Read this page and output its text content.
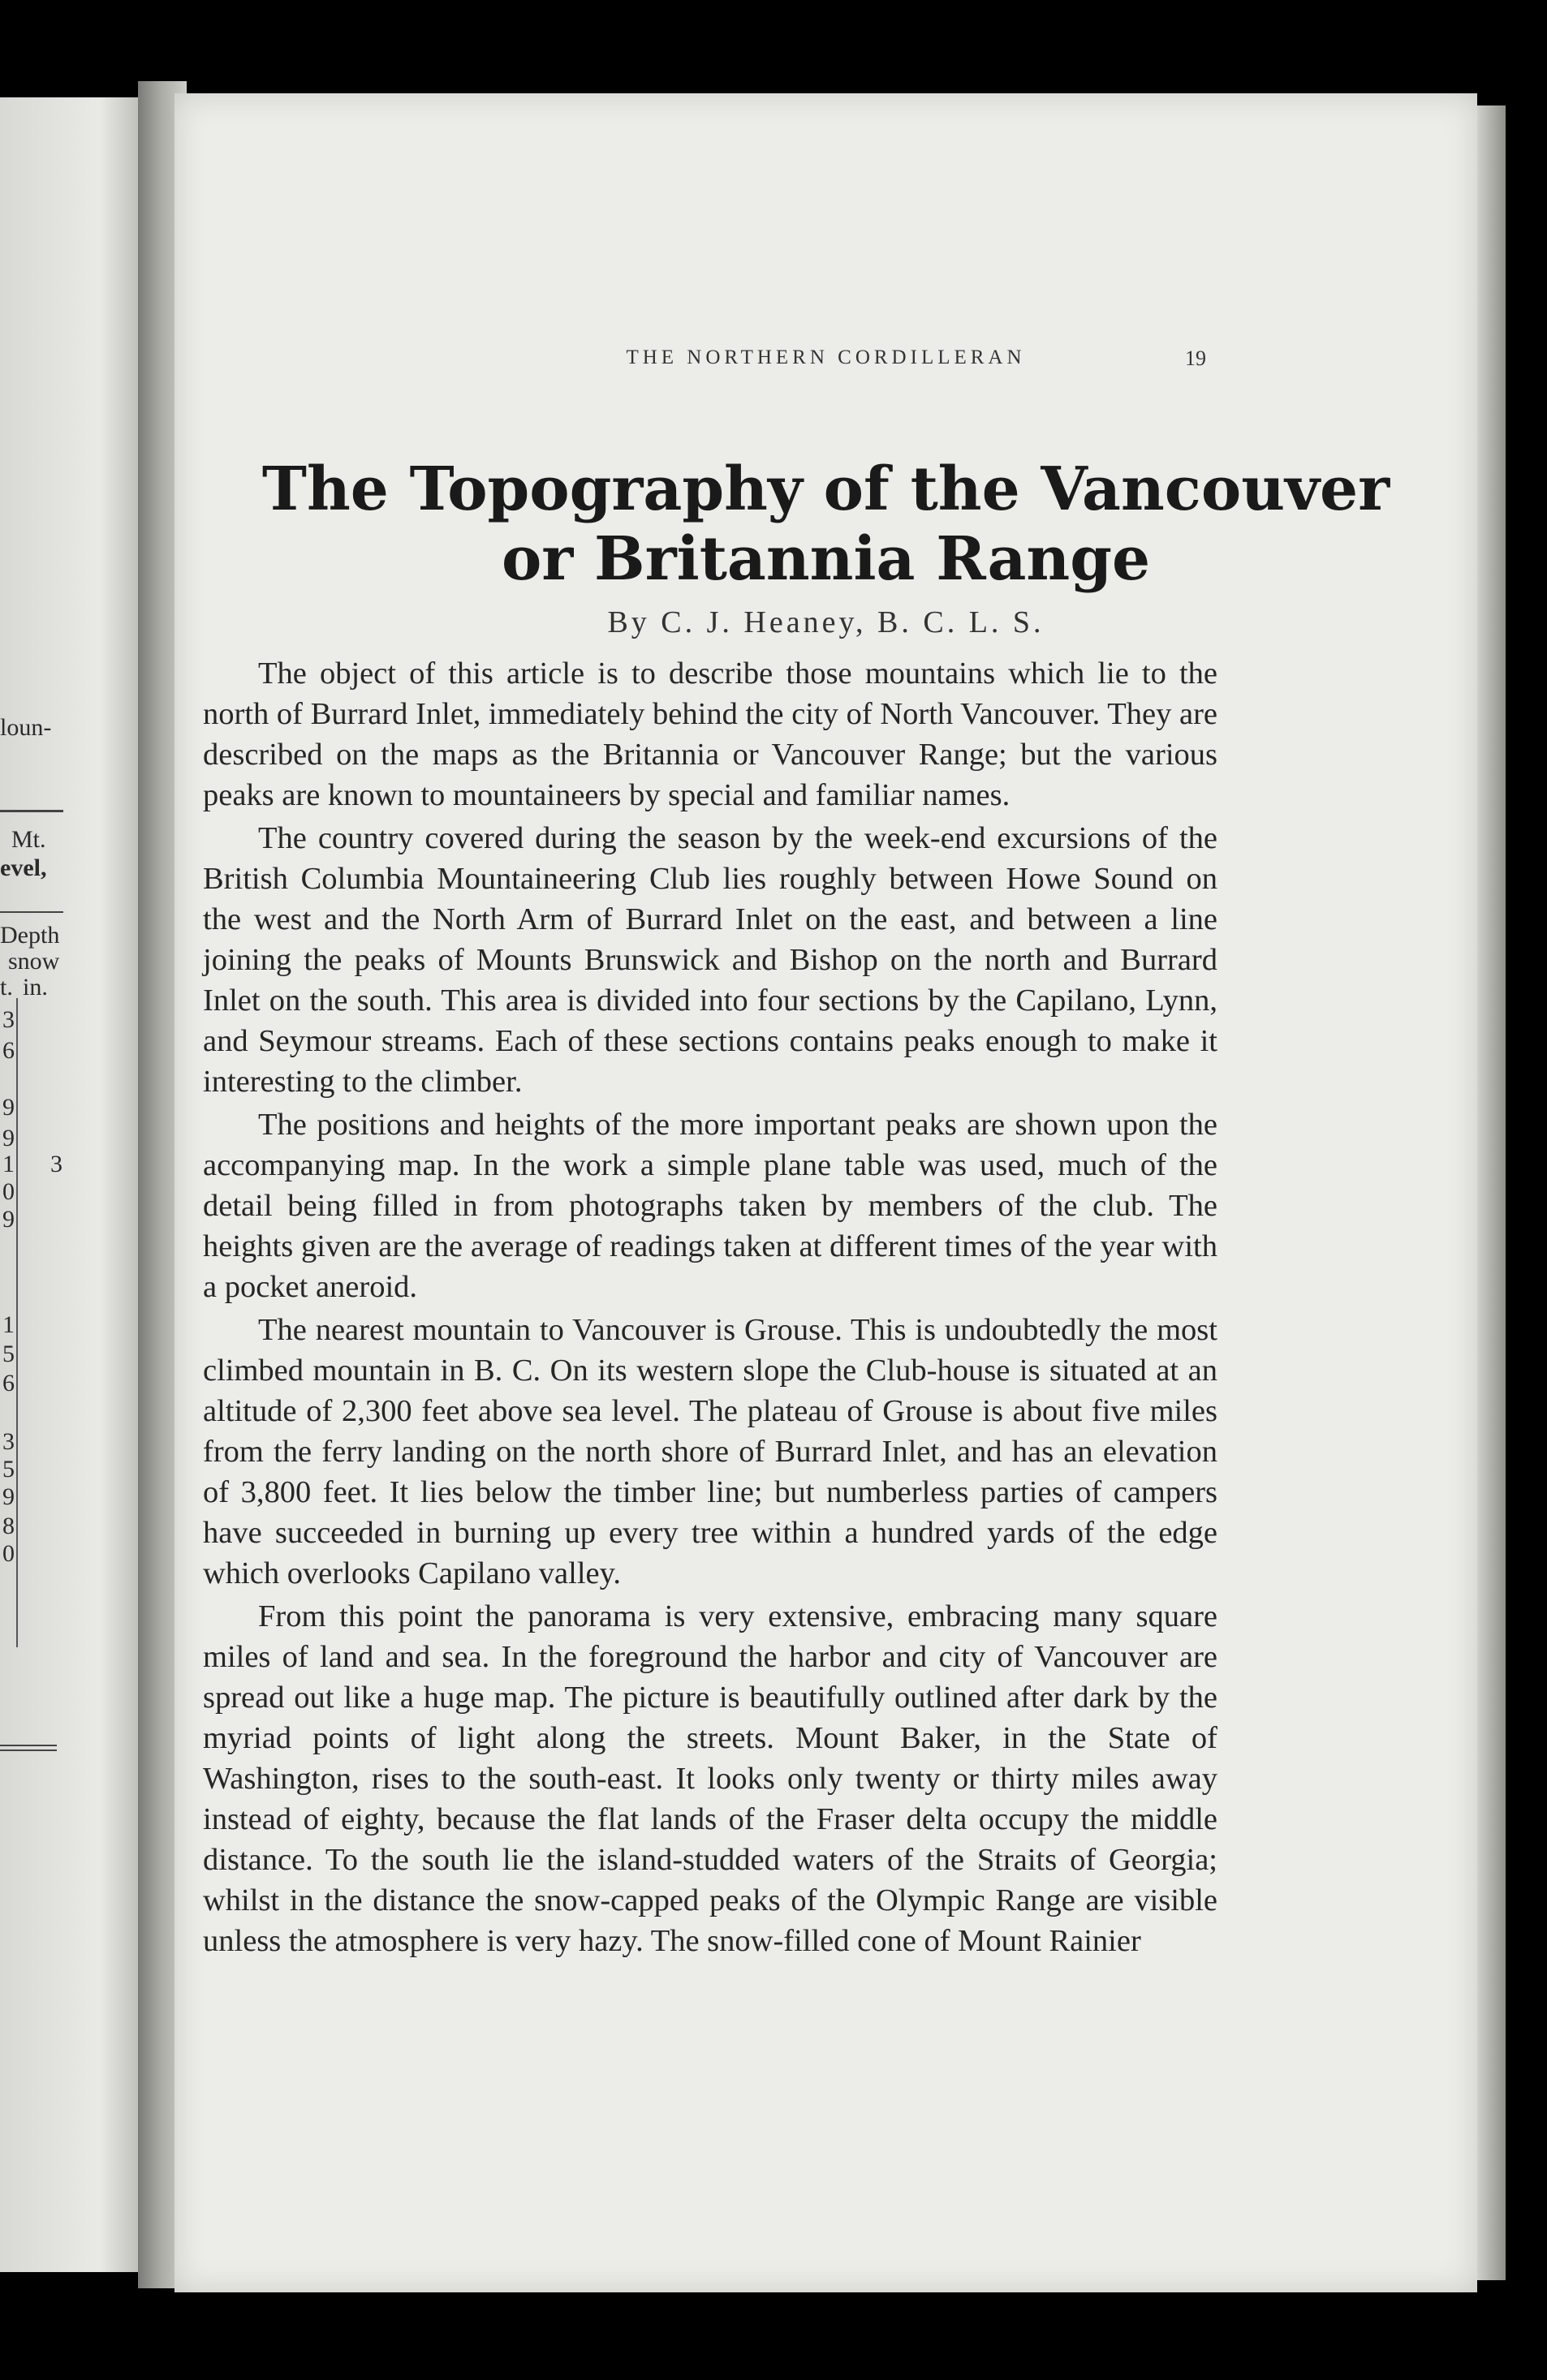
loun-
Mt.
evel,
Depth
snow
t. in.
3
6
9
9
1 3
0
9
1
5
6
3
5
9
8
0
THE NORTHERN CORDILLERAN	19
The Topography of the Vancouver
or Britannia Range
By C. J. Heaney, B. C. L. S.

The object of this article is to describe those mountains which lie to the north of Burrard Inlet, immediately behind the city of North Vancouver. They are described on the maps as the Britannia or Vancouver Range; but the various peaks are known to mountaineers by special and familiar names.

The country covered during the season by the week-end excursions of the British Columbia Mountaineering Club lies roughly between Howe Sound on the west and the North Arm of Burrard Inlet on the east, and between a line joining the peaks of Mounts Brunswick and Bishop on the north and Burrard Inlet on the south. This area is divided into four sections by the Capilano, Lynn, and Seymour streams. Each of these sections contains peaks enough to make it interesting to the climber.

The positions and heights of the more important peaks are shown upon the accompanying map. In the work a simple plane table was used, much of the detail being filled in from photographs taken by members of the club. The heights given are the average of readings taken at different times of the year with a pocket aneroid.

The nearest mountain to Vancouver is Grouse. This is undoubtedly the most climbed mountain in B. C. On its western slope the Club-house is situated at an altitude of 2,300 feet above sea level. The plateau of Grouse is about five miles from the ferry landing on the north shore of Burrard Inlet, and has an elevation of 3,800 feet. It lies below the timber line; but numberless parties of campers have succeeded in burning up every tree within a hundred yards of the edge which overlooks Capilano valley.

From this point the panorama is very extensive, embracing many square miles of land and sea. In the foreground the harbor and city of Vancouver are spread out like a huge map. The picture is beautifully outlined after dark by the myriad points of light along the streets. Mount Baker, in the State of Washington, rises to the south-east. It looks only twenty or thirty miles away instead of eighty, because the flat lands of the Fraser delta occupy the middle distance. To the south lie the island-studded waters of the Straits of Georgia; whilst in the distance the snow-capped peaks of the Olympic Range are visible unless the atmosphere is very hazy. The snow-filled cone of Mount Rainier
